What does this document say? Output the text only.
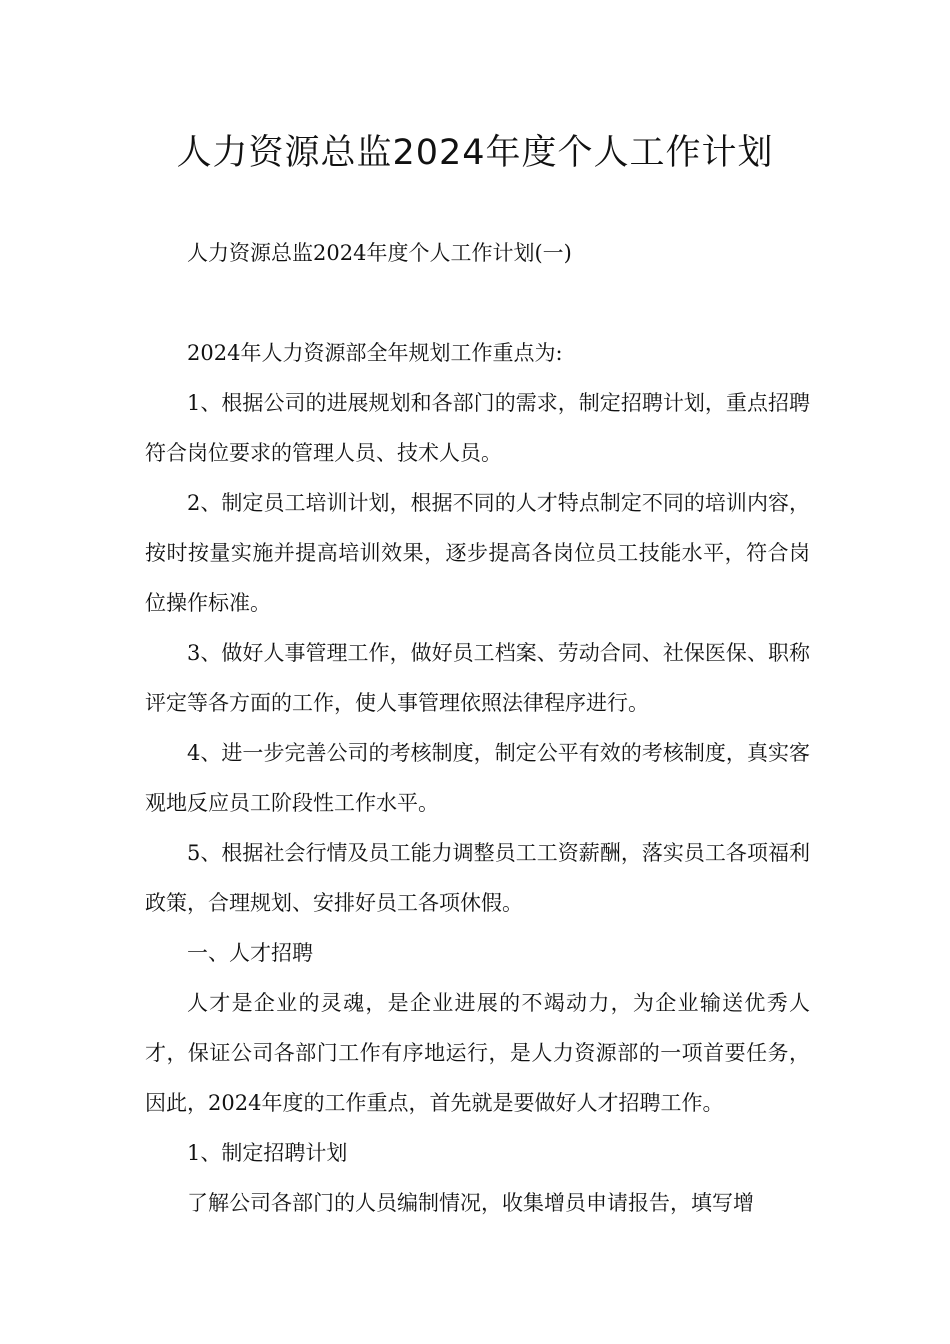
人力资源总监2024年度个人工作计划

人力资源总监2024年度个人工作计划(一)

2024年人力资源部全年规划工作重点为:

1、根据公司的进展规划和各部门的需求，制定招聘计划，重点招聘符合岗位要求的管理人员、技术人员。

2、制定员工培训计划，根据不同的人才特点制定不同的培训内容，按时按量实施并提高培训效果，逐步提高各岗位员工技能水平，符合岗位操作标准。

3、做好人事管理工作，做好员工档案、劳动合同、社保医保、职称评定等各方面的工作，使人事管理依照法律程序进行。

4、进一步完善公司的考核制度，制定公平有效的考核制度，真实客观地反应员工阶段性工作水平。

5、根据社会行情及员工能力调整员工工资薪酬，落实员工各项福利政策，合理规划、安排好员工各项休假。

一、人才招聘

人才是企业的灵魂，是企业进展的不竭动力，为企业输送优秀人才，保证公司各部门工作有序地运行，是人力资源部的一项首要任务，因此，2024年度的工作重点，首先就是要做好人才招聘工作。

1、制定招聘计划

了解公司各部门的人员编制情况，收集增员申请报告，填写增
